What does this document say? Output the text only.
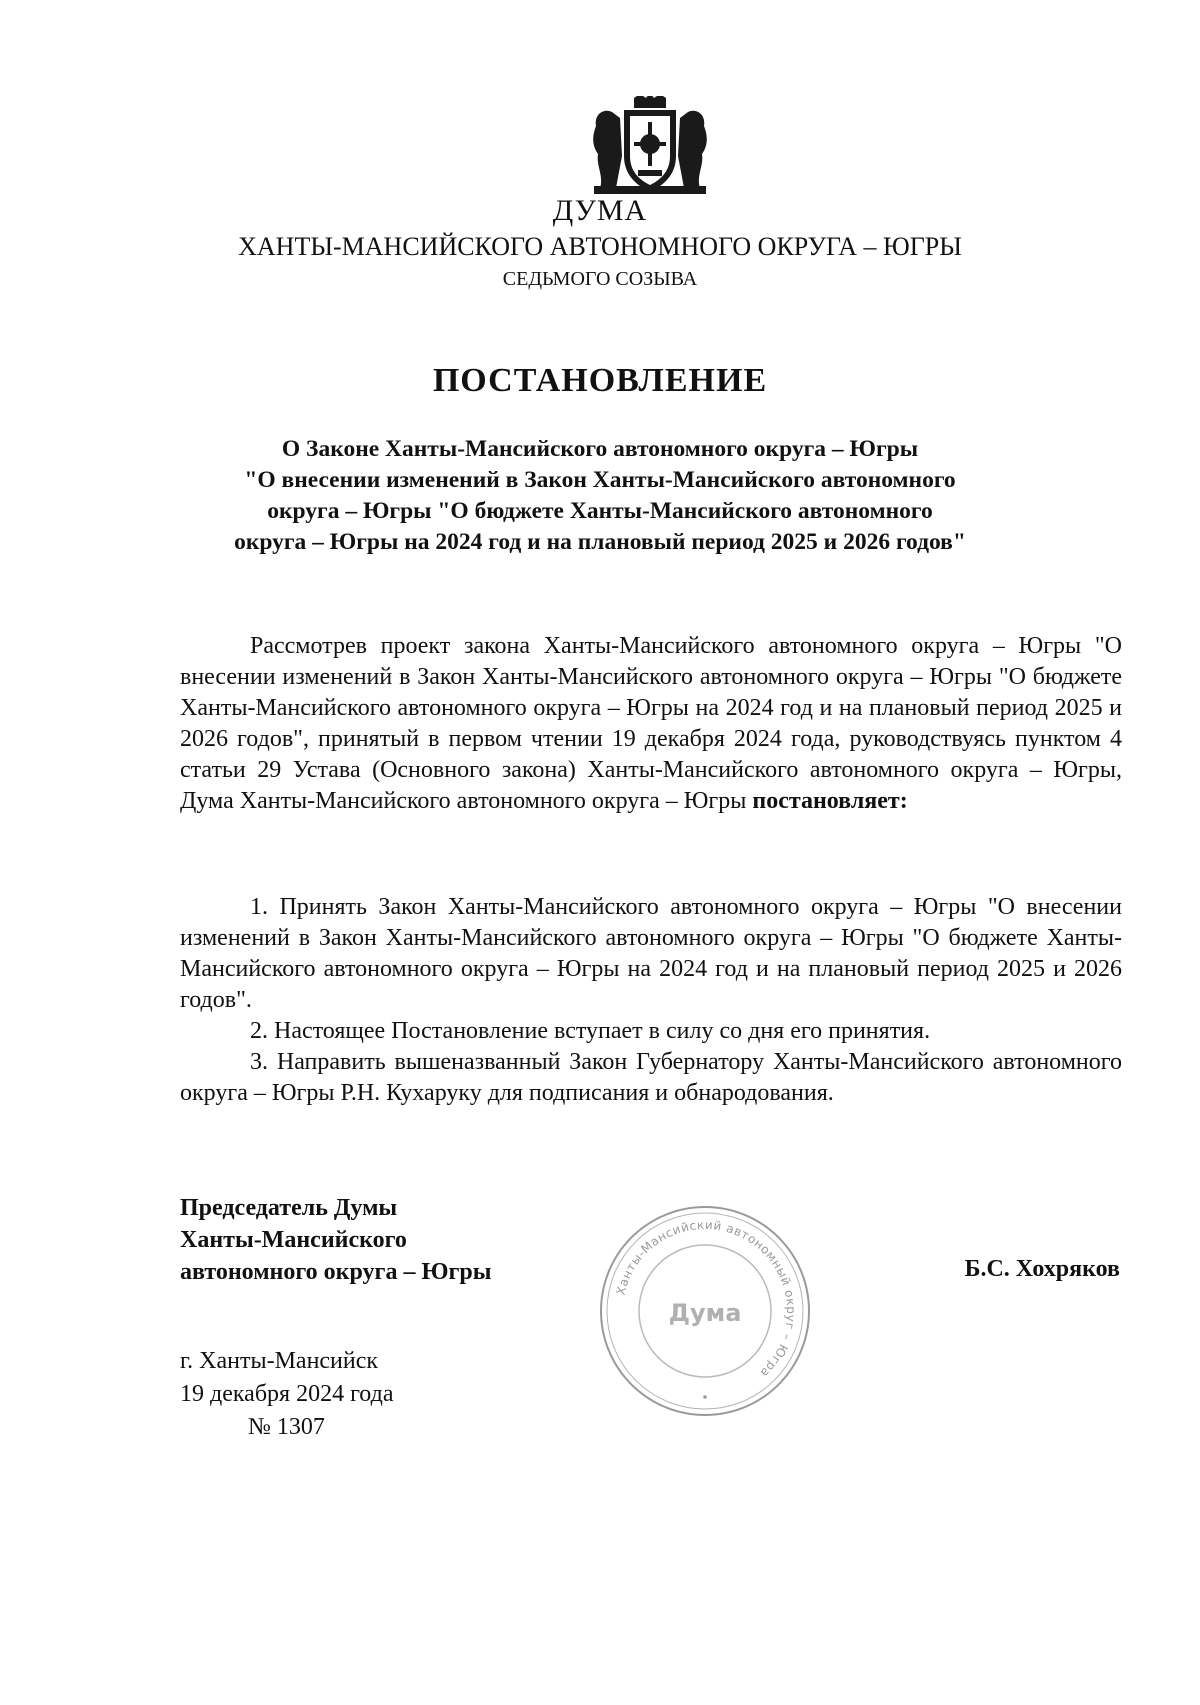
ДУМА
ХАНТЫ-МАНСИЙСКОГО АВТОНОМНОГО ОКРУГА – ЮГРЫ
СЕДЬМОГО СОЗЫВА
ПОСТАНОВЛЕНИЕ
О Законе Ханты-Мансийского автономного округа – Югры
"О внесении изменений в Закон Ханты-Мансийского автономного
округа – Югры "О бюджете Ханты-Мансийского автономного
округа – Югры на 2024 год и на плановый период 2025 и 2026 годов"
Рассмотрев проект закона Ханты-Мансийского автономного округа – Югры "О внесении изменений в Закон Ханты-Мансийского автономного округа – Югры "О бюджете Ханты-Мансийского автономного округа – Югры на 2024 год и на плановый период 2025 и 2026 годов", принятый в первом чтении 19 декабря 2024 года, руководствуясь пунктом 4 статьи 29 Устава (Основного закона) Ханты-Мансийского автономного округа – Югры, Дума Ханты-Мансийского автономного округа – Югры постановляет:

1. Принять Закон Ханты-Мансийского автономного округа – Югры "О внесении изменений в Закон Ханты-Мансийского автономного округа – Югры "О бюджете Ханты-Мансийского автономного округа – Югры на 2024 год и на плановый период 2025 и 2026 годов".

2. Настоящее Постановление вступает в силу со дня его принятия.

3. Направить вышеназванный Закон Губернатору Ханты-Мансийского автономного округа – Югры Р.Н. Кухаруку для подписания и обнародования.

Председатель Думы
Ханты-Мансийского
автономного округа – Югры	Б.С. Хохряков
Ханты-Мансийский автономный округ – Югра
Дума
г. Ханты-Мансийск
19 декабря 2024 года
№ 1307
